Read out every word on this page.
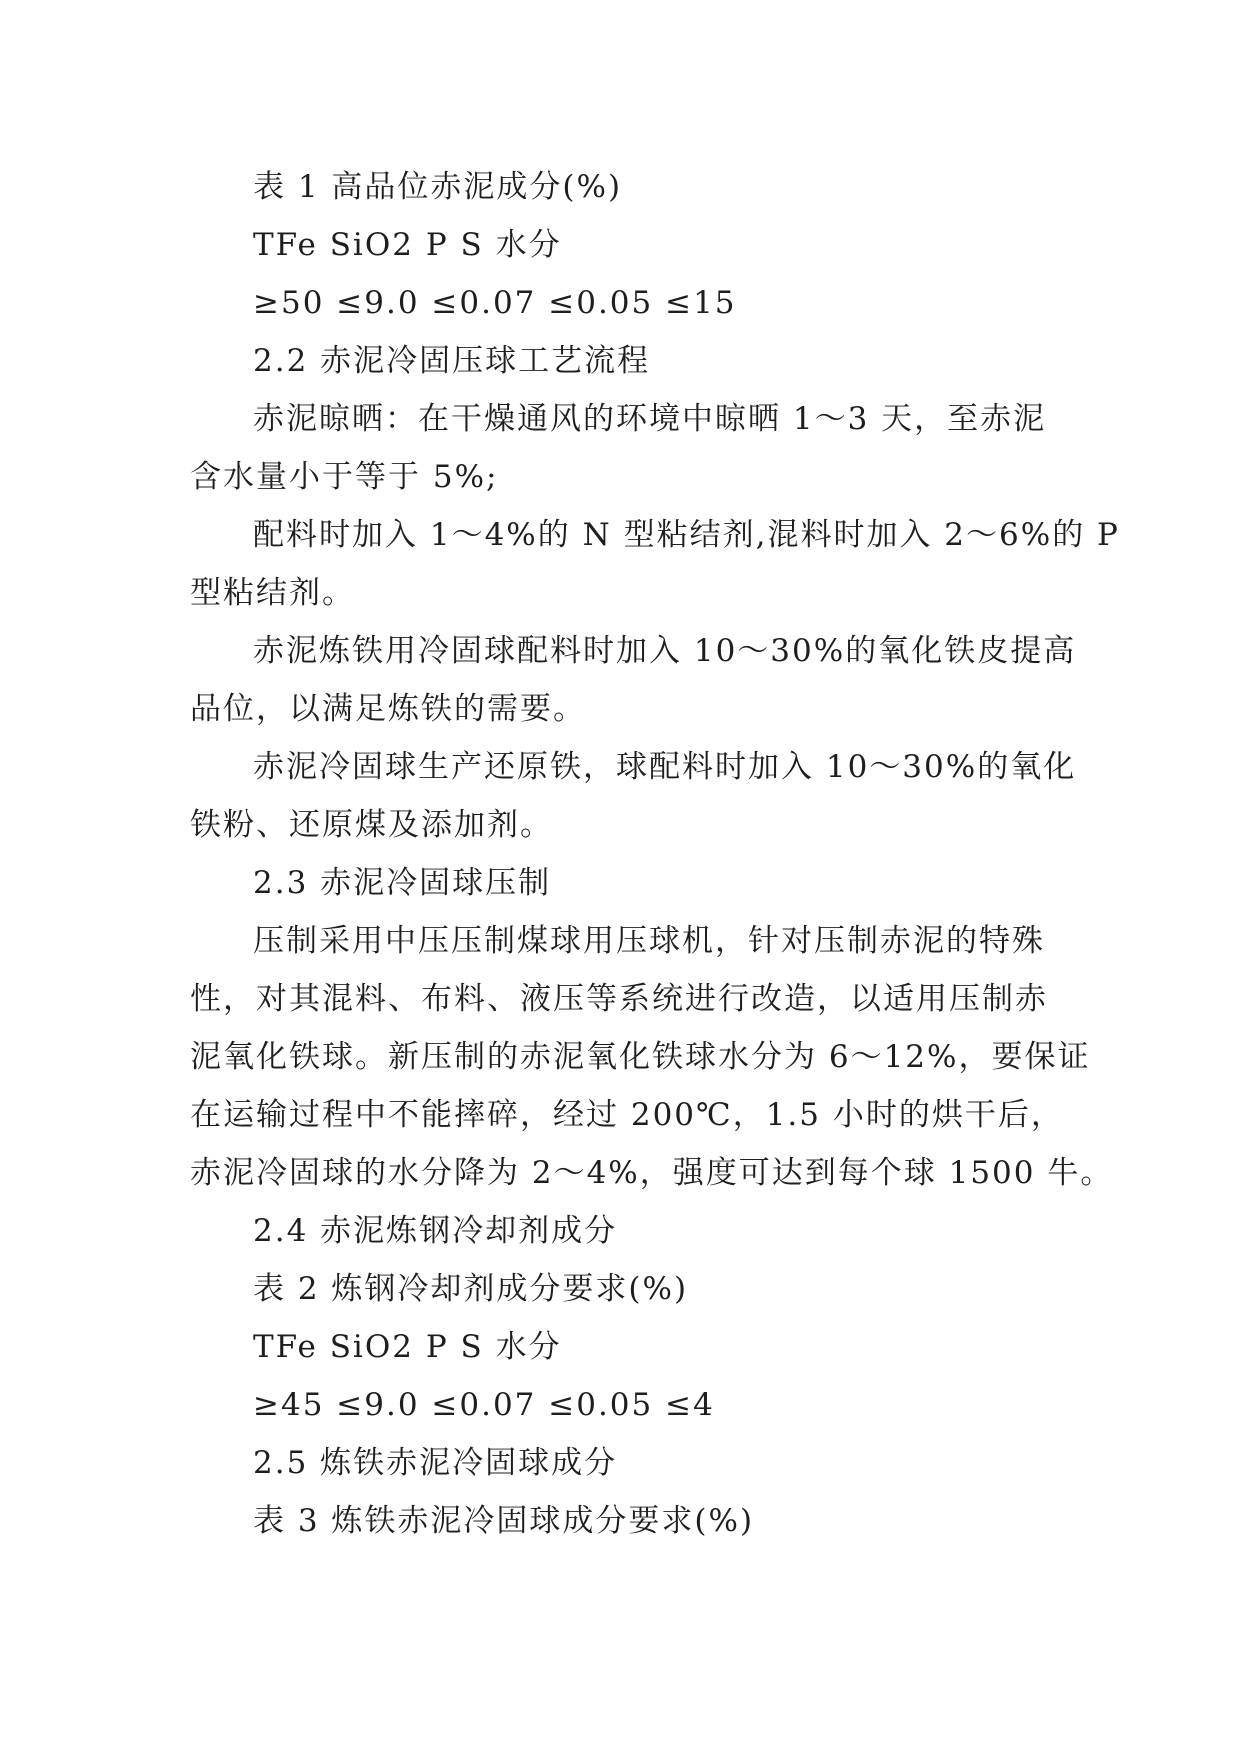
表 1 高品位赤泥成分(%)
TFe SiO2 P S 水分
≥50 ≤9.0 ≤0.07 ≤0.05 ≤15
2.2 赤泥冷固压球工艺流程
赤泥晾晒：在干燥通风的环境中晾晒 1～3 天，至赤泥
含水量小于等于 5%;
配料时加入 1～4%的 N 型粘结剂,混料时加入 2～6%的 P
型粘结剂。
赤泥炼铁用冷固球配料时加入 10～30%的氧化铁皮提高
品位，以满足炼铁的需要。
赤泥冷固球生产还原铁，球配料时加入 10～30%的氧化
铁粉、还原煤及添加剂。
2.3 赤泥冷固球压制
压制采用中压压制煤球用压球机，针对压制赤泥的特殊
性，对其混料、布料、液压等系统进行改造，以适用压制赤
泥氧化铁球。新压制的赤泥氧化铁球水分为 6～12%，要保证
在运输过程中不能摔碎，经过 200℃，1.5 小时的烘干后，
赤泥冷固球的水分降为 2～4%，强度可达到每个球 1500 牛。
2.4 赤泥炼钢冷却剂成分
表 2 炼钢冷却剂成分要求(%)
TFe SiO2 P S 水分
≥45 ≤9.0 ≤0.07 ≤0.05 ≤4
2.5 炼铁赤泥冷固球成分
表 3 炼铁赤泥冷固球成分要求(%)
